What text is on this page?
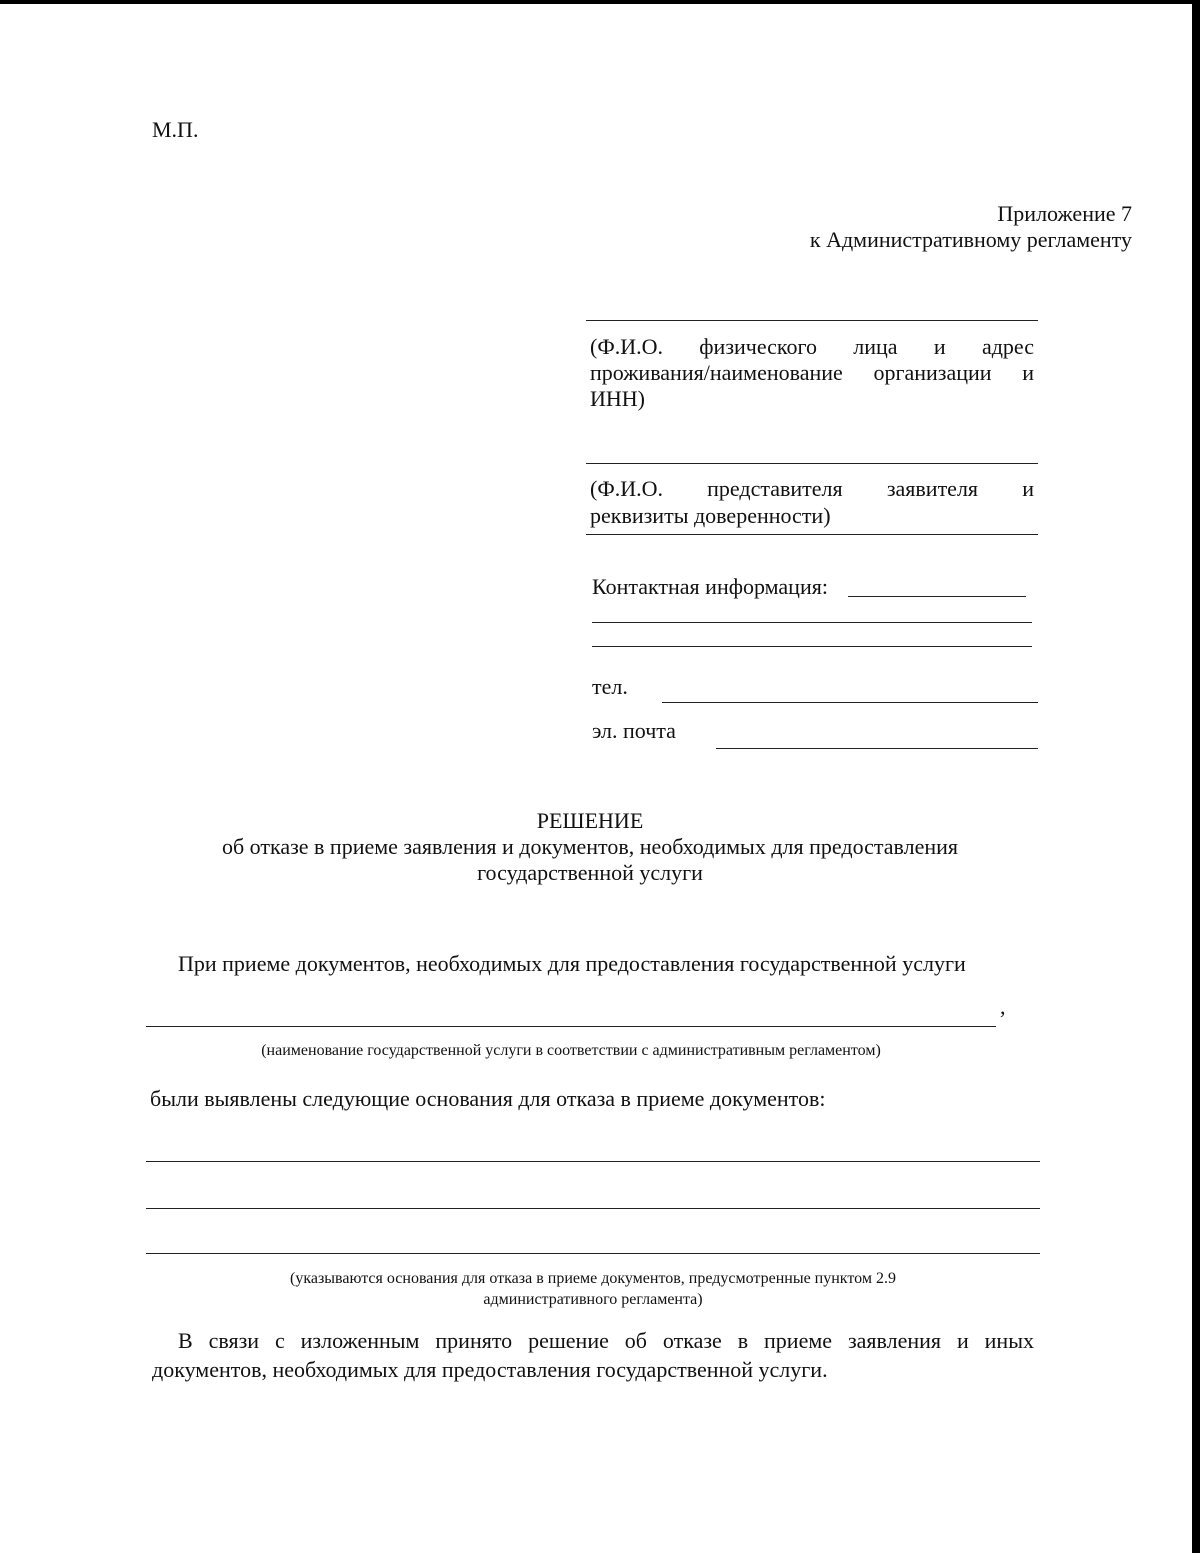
М.П.
Приложение 7
к Административному регламенту
(Ф.И.О. физического лица и адрес
проживания/наименование организации и
ИНН)
(Ф.И.О. представителя заявителя и
реквизиты доверенности)
Контактная информация:
тел.
эл. почта
РЕШЕНИЕ
об отказе в приеме заявления и документов, необходимых для предоставления
государственной услуги
При приеме документов, необходимых для предоставления государственной услуги
,
(наименование государственной услуги в соответствии с административным регламентом)
были выявлены следующие основания для отказа в приеме документов:
(указываются основания для отказа в приеме документов, предусмотренные пунктом 2.9
административного регламента)
В связи с изложенным принято решение об отказе в приеме заявления и иных
документов, необходимых для предоставления государственной услуги.
